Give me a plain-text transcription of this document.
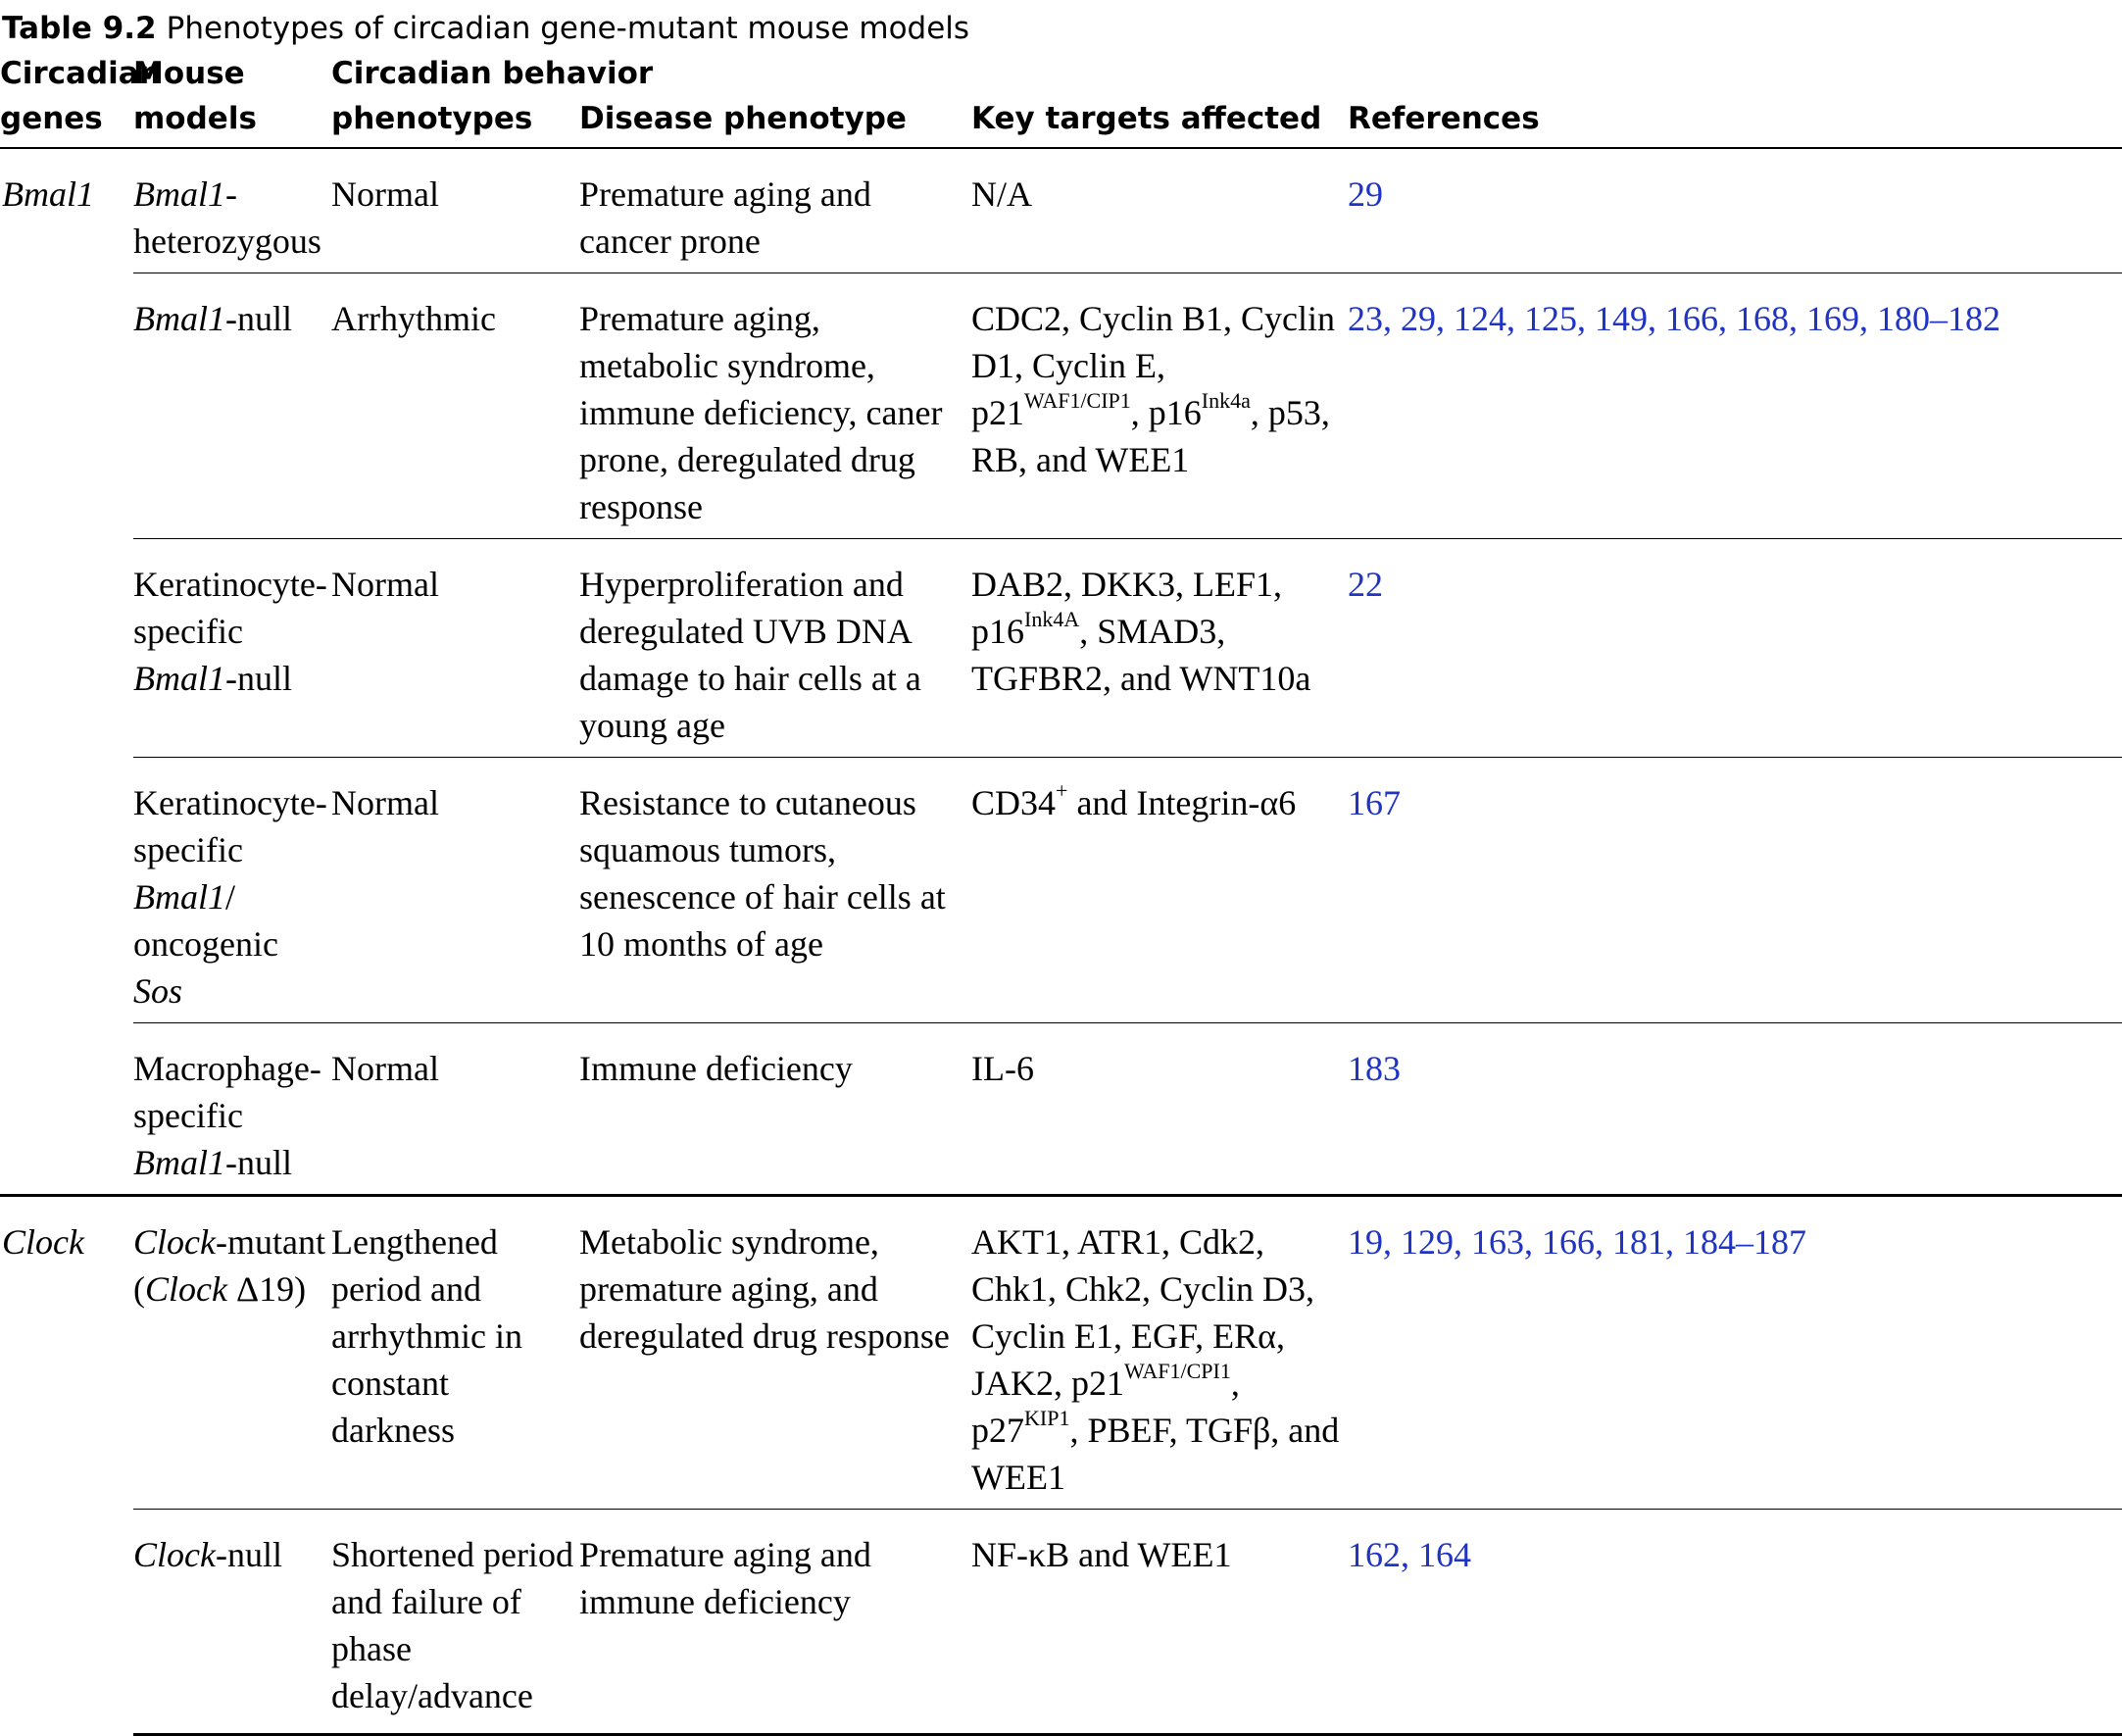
Table 9.2 Phenotypes of circadian gene-mutant mouse models
Circadian genes	Mouse models	Circadian behavior phenotypes	Disease phenotype	Key targets affected	References
Bmal1	Bmal1-heterozygous	Normal	Premature aging and cancer prone	N/A	29
	Bmal1-null	Arrhythmic	Premature aging, metabolic syndrome, immune deficiency, caner prone, deregulated drug response	CDC2, Cyclin B1, Cyclin D1, Cyclin E, $p21^{WAF1/CIP1}$, $p16^{Ink4a}$, p53, RB, and WEE1	23, 29, 124, 125, 149, 166, 168, 169, 180–182
	Keratinocyte-specific Bmal1-null	Normal	Hyperproliferation and deregulated UVB DNA damage to hair cells at a young age	DAB2, DKK3, LEF1, $p16^{Ink4A}$, SMAD3, TGFBR2, and WNT10a	22
	Keratinocyte-specific Bmal1/ oncogenic Sos	Normal	Resistance to cutaneous squamous tumors, senescence of hair cells at 10 months of age	CD34+ and Integrin-α6	167
	Macrophage-specific Bmal1-null	Normal	Immune deficiency	IL-6	183
Clock	Clock-mutant (Clock Δ19)	Lengthened period and arrhythmic in constant darkness	Metabolic syndrome, premature aging, and deregulated drug response	AKT1, ATR1, Cdk2, Chk1, Chk2, Cyclin D3, Cyclin E1, EGF, ERα, JAK2, $p21^{WAF1/CPI1}$, $p27^{KIP1}$, PBEF, TGFβ, and WEE1	19, 129, 163, 166, 181, 184–187
	Clock-null	Shortened period and failure of phase delay/advance	Premature aging and immune deficiency	NF-κB and WEE1	162, 164
